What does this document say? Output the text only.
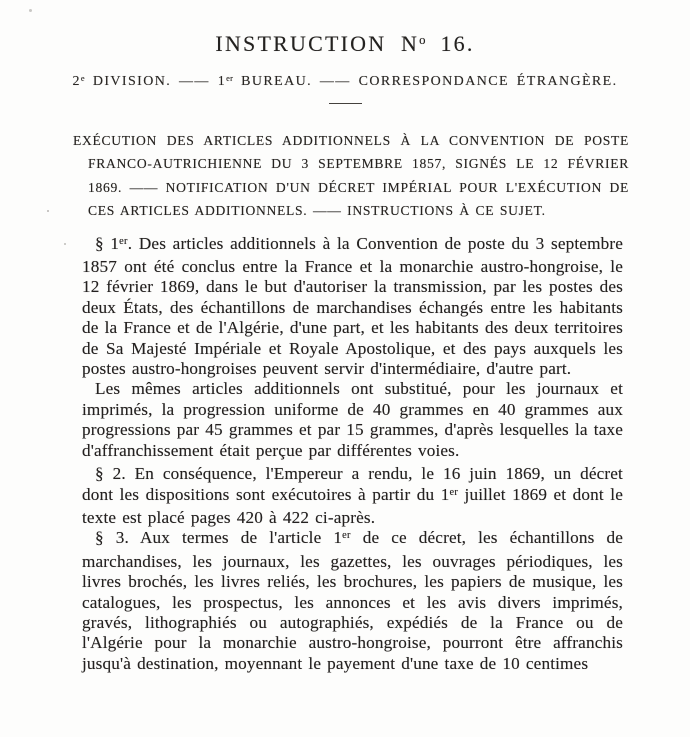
INSTRUCTION $N^o$ 16.
2e DIVISION. —— 1er BUREAU. —— CORRESPONDANCE ÉTRANGÈRE.
EXÉCUTION DES ARTICLES ADDITIONNELS À LA CONVENTION DE POSTE FRANCO-AUTRICHIENNE DU 3 SEPTEMBRE 1857, SIGNÉS LE 12 FÉVRIER 1869. —— NOTIFICATION D'UN DÉCRET IMPÉRIAL POUR L'EXÉCUTION DE CES ARTICLES ADDITIONNELS. —— INSTRUCTIONS À CE SUJET.

§ 1er. Des articles additionnels à la Convention de poste du 3 septembre 1857 ont été conclus entre la France et la monarchie austro-hongroise, le 12 février 1869, dans le but d'autoriser la transmission, par les postes des deux États, des échantillons de marchandises échangés entre les habitants de la France et de l'Algérie, d'une part, et les habitants des deux territoires de Sa Majesté Impériale et Royale Apostolique, et des pays auxquels les postes austro-hongroises peuvent servir d'intermédiaire, d'autre part.

Les mêmes articles additionnels ont substitué, pour les journaux et imprimés, la progression uniforme de 40 grammes en 40 grammes aux progressions par 45 grammes et par 15 grammes, d'après lesquelles la taxe d'affranchissement était perçue par différentes voies.

§ 2. En conséquence, l'Empereur a rendu, le 16 juin 1869, un décret dont les dispositions sont exécutoires à partir du 1er juillet 1869 et dont le texte est placé pages 420 à 422 ci-après.

§ 3. Aux termes de l'article 1er de ce décret, les échantillons de marchandises, les journaux, les gazettes, les ouvrages périodiques, les livres brochés, les livres reliés, les brochures, les papiers de musique, les catalogues, les prospectus, les annonces et les avis divers imprimés, gravés, lithographiés ou autographiés, expédiés de la France ou de l'Algérie pour la monarchie austro-hongroise, pourront être affranchis jusqu'à destination, moyennant le payement d'une taxe de 10 centimes
